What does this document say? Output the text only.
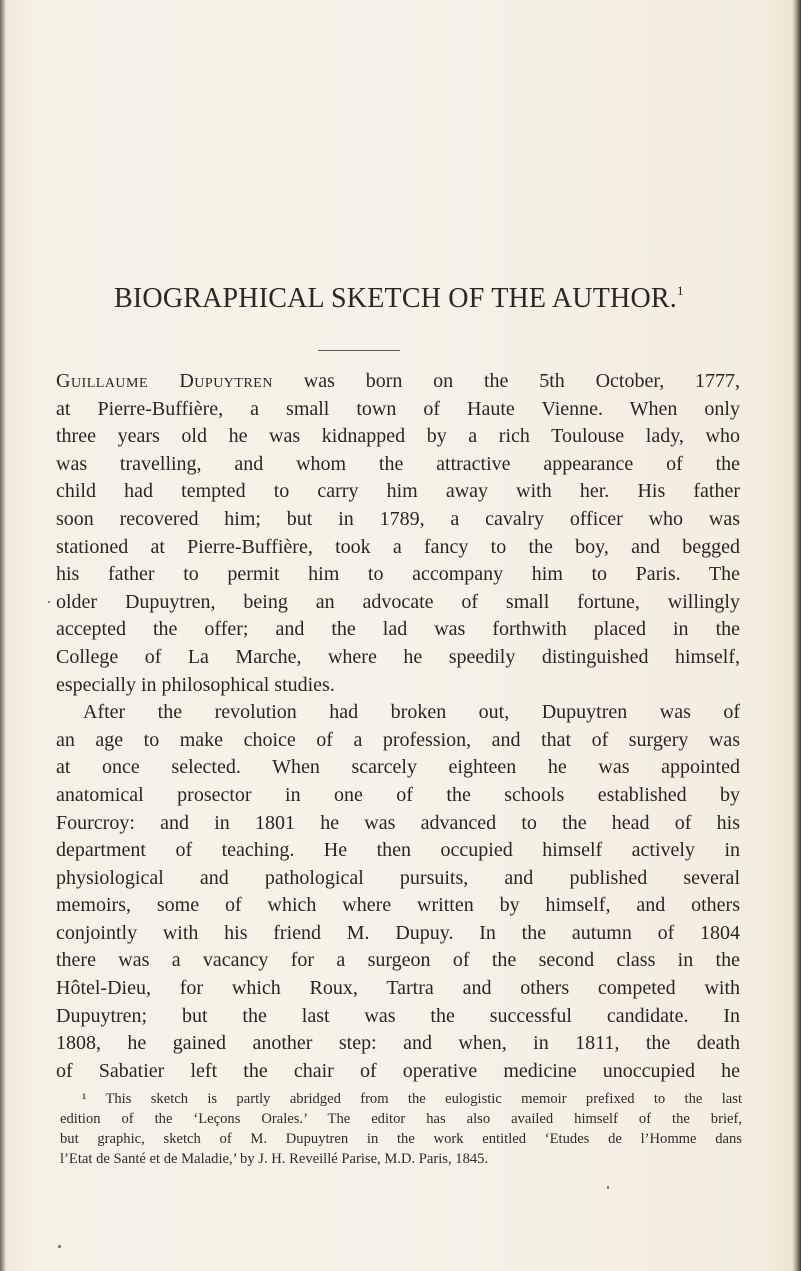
BIOGRAPHICAL SKETCH OF THE AUTHOR.$^1$
Guillaume Dupuytren was born on the 5th October, 1777,
at Pierre-Buffière, a small town of Haute Vienne. When only
three years old he was kidnapped by a rich Toulouse lady, who
was travelling, and whom the attractive appearance of the
child had tempted to carry him away with her. His father
soon recovered him; but in 1789, a cavalry officer who was
stationed at Pierre-Buffière, took a fancy to the boy, and begged
his father to permit him to accompany him to Paris. The
older Dupuytren, being an advocate of small fortune, willingly
accepted the offer; and the lad was forthwith placed in the
College of La Marche, where he speedily distinguished himself,
especially in philosophical studies.
After the revolution had broken out, Dupuytren was of
an age to make choice of a profession, and that of surgery was
at once selected. When scarcely eighteen he was appointed
anatomical prosector in one of the schools established by
Fourcroy: and in 1801 he was advanced to the head of his
department of teaching. He then occupied himself actively in
physiological and pathological pursuits, and published several
memoirs, some of which where written by himself, and others
conjointly with his friend M. Dupuy. In the autumn of 1804
there was a vacancy for a surgeon of the second class in the
Hôtel-Dieu, for which Roux, Tartra and others competed with
Dupuytren; but the last was the successful candidate. In
1808, he gained another step: and when, in 1811, the death
of Sabatier left the chair of operative medicine unoccupied he
¹ This sketch is partly abridged from the eulogistic memoir prefixed to the last
edition of the ‘Leçons Orales.’ The editor has also availed himself of the brief,
but graphic, sketch of M. Dupuytren in the work entitled ‘Etudes de l’Homme dans
l’Etat de Santé et de Maladie,’ by J. H. Reveillé Parise, M.D. Paris, 1845.
